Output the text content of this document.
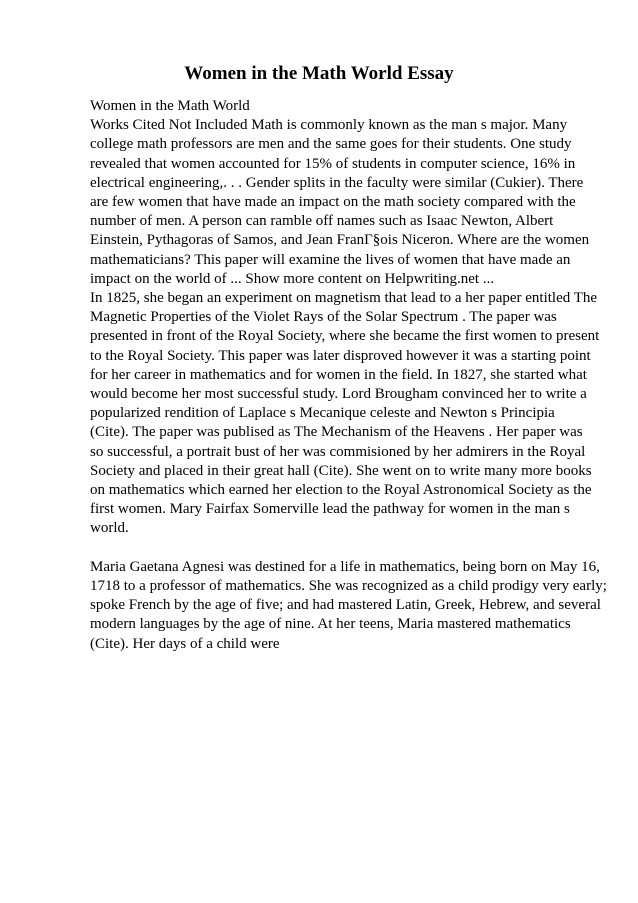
Women in the Math World Essay
Women in the Math World
Works Cited Not Included Math is commonly known as the man s major. Many
college math professors are men and the same goes for their students. One study
revealed that women accounted for 15% of students in computer science, 16% in
electrical engineering,. . . Gender splits in the faculty were similar (Cukier). There
are few women that have made an impact on the math society compared with the
number of men. A person can ramble off names such as Isaac Newton, Albert
Einstein, Pythagoras of Samos, and Jean FranГ§ois Niceron. Where are the women
mathematicians? This paper will examine the lives of women that have made an
impact on the world of ... Show more content on Helpwriting.net ...
In 1825, she began an experiment on magnetism that lead to a her paper entitled The
Magnetic Properties of the Violet Rays of the Solar Spectrum . The paper was
presented in front of the Royal Society, where she became the first women to present
to the Royal Society. This paper was later disproved however it was a starting point
for her career in mathematics and for women in the field. In 1827, she started what
would become her most successful study. Lord Brougham convinced her to write a
popularized rendition of Laplace s Mecanique celeste and Newton s Principia
(Cite). The paper was publised as The Mechanism of the Heavens . Her paper was
so successful, a portrait bust of her was commisioned by her admirers in the Royal
Society and placed in their great hall (Cite). She went on to write many more books
on mathematics which earned her election to the Royal Astronomical Society as the
first women. Mary Fairfax Somerville lead the pathway for women in the man s
world.
Maria Gaetana Agnesi was destined for a life in mathematics, being born on May 16,
1718 to a professor of mathematics. She was recognized as a child prodigy very early;
spoke French by the age of five; and had mastered Latin, Greek, Hebrew, and several
modern languages by the age of nine. At her teens, Maria mastered mathematics
(Cite). Her days of a child were
